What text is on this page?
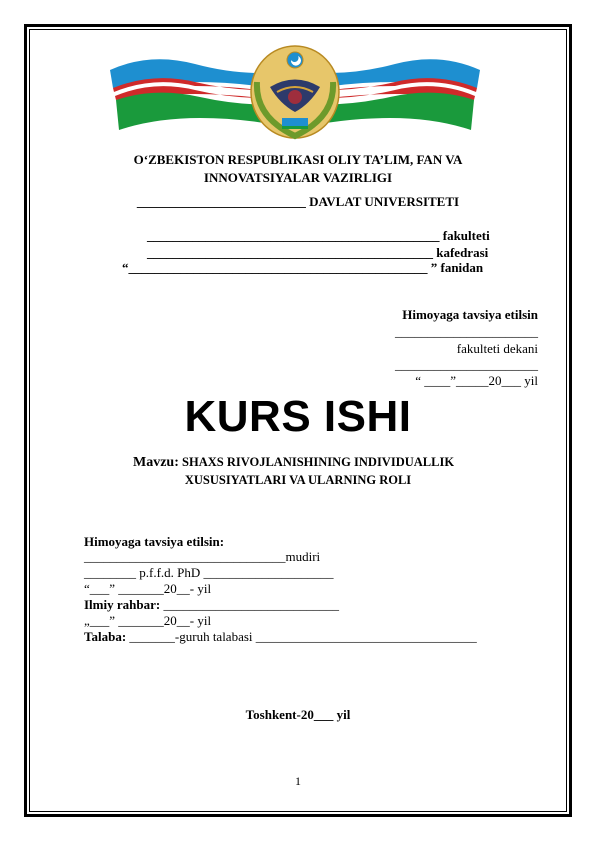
O‘ZBEKISTON RESPUBLIKASI OLIY TA’LIM, FAN VA
INNOVATSIYALAR VAZIRLIGI
__________________________ DAVLAT UNIVERSITETI
_____________________________________________ fakulteti
____________________________________________ kafedrasi
“______________________________________________ ” fanidan
Himoyaga tavsiya etilsin
______________________
fakulteti dekani
______________________
“ ____”_____20___ yil
KURS ISHI
Mavzu: SHAXS RIVOJLANISHINING INDIVIDUALLIK
XUSUSIYATLARI VA ULARNING ROLI
Himoyaga tavsiya etilsin:
_______________________________mudiri
________ p.f.f.d. PhD ____________________
“___” _______20__- yil
Ilmiy rahbar: ___________________________
„___” _______20__- yil
Talaba: _______-guruh talabasi __________________________________
Toshkent-20___ yil
1
